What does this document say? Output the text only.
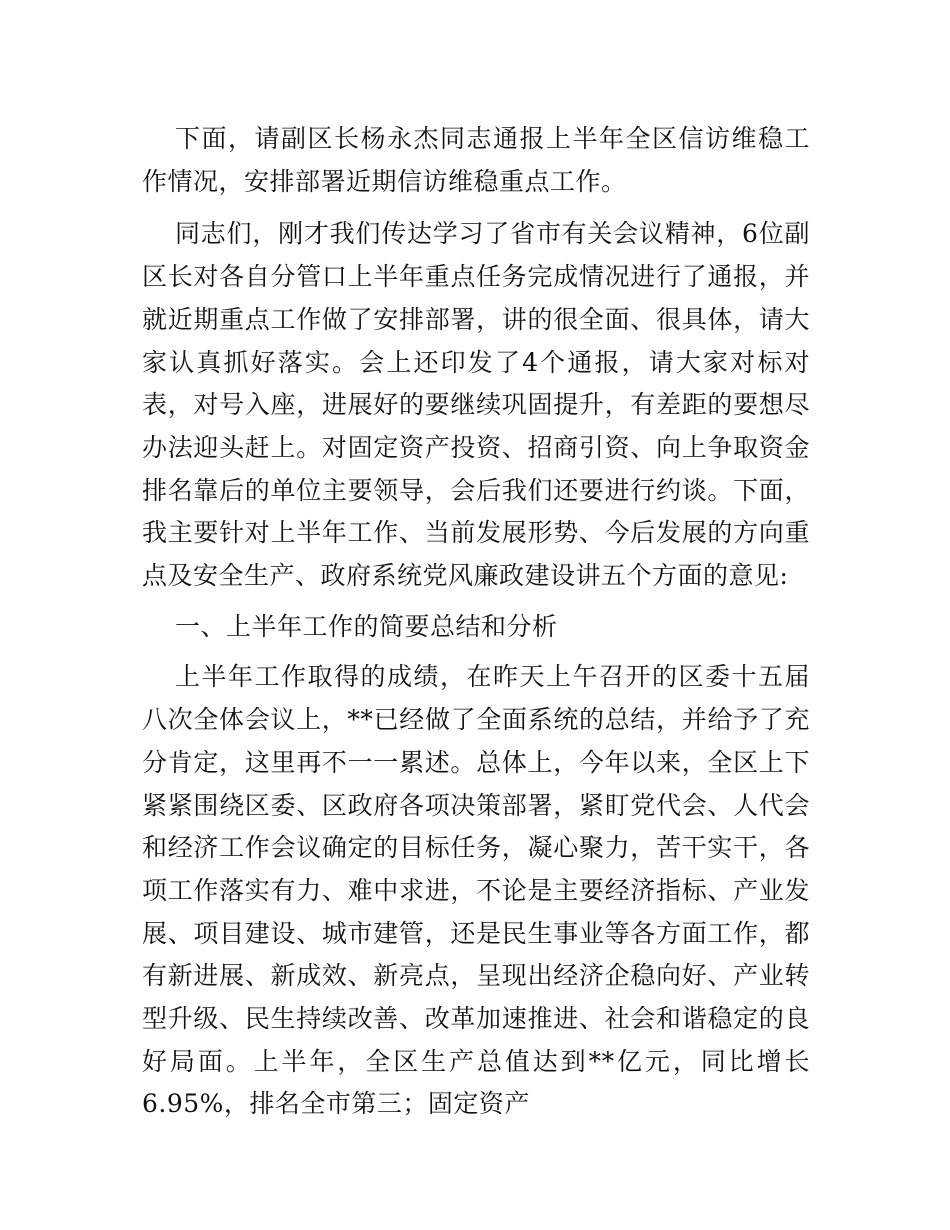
下面，请副区长杨永杰同志通报上半年全区信访维稳工作情况，安排部署近期信访维稳重点工作。

同志们，刚才我们传达学习了省市有关会议精神，6位副区长对各自分管口上半年重点任务完成情况进行了通报，并就近期重点工作做了安排部署，讲的很全面、很具体，请大家认真抓好落实。会上还印发了4个通报，请大家对标对表，对号入座，进展好的要继续巩固提升，有差距的要想尽办法迎头赶上。对固定资产投资、招商引资、向上争取资金排名靠后的单位主要领导，会后我们还要进行约谈。下面，我主要针对上半年工作、当前发展形势、今后发展的方向重点及安全生产、政府系统党风廉政建设讲五个方面的意见:

一、上半年工作的简要总结和分析

上半年工作取得的成绩，在昨天上午召开的区委十五届八次全体会议上，**已经做了全面系统的总结，并给予了充分肯定，这里再不一一累述。总体上，今年以来，全区上下紧紧围绕区委、区政府各项决策部署，紧盯党代会、人代会和经济工作会议确定的目标任务，凝心聚力，苦干实干，各项工作落实有力、难中求进，不论是主要经济指标、产业发展、项目建设、城市建管，还是民生事业等各方面工作，都有新进展、新成效、新亮点，呈现出经济企稳向好、产业转型升级、民生持续改善、改革加速推进、社会和谐稳定的良好局面。上半年，全区生产总值达到**亿元，同比增长6.95%，排名全市第三；固定资产
